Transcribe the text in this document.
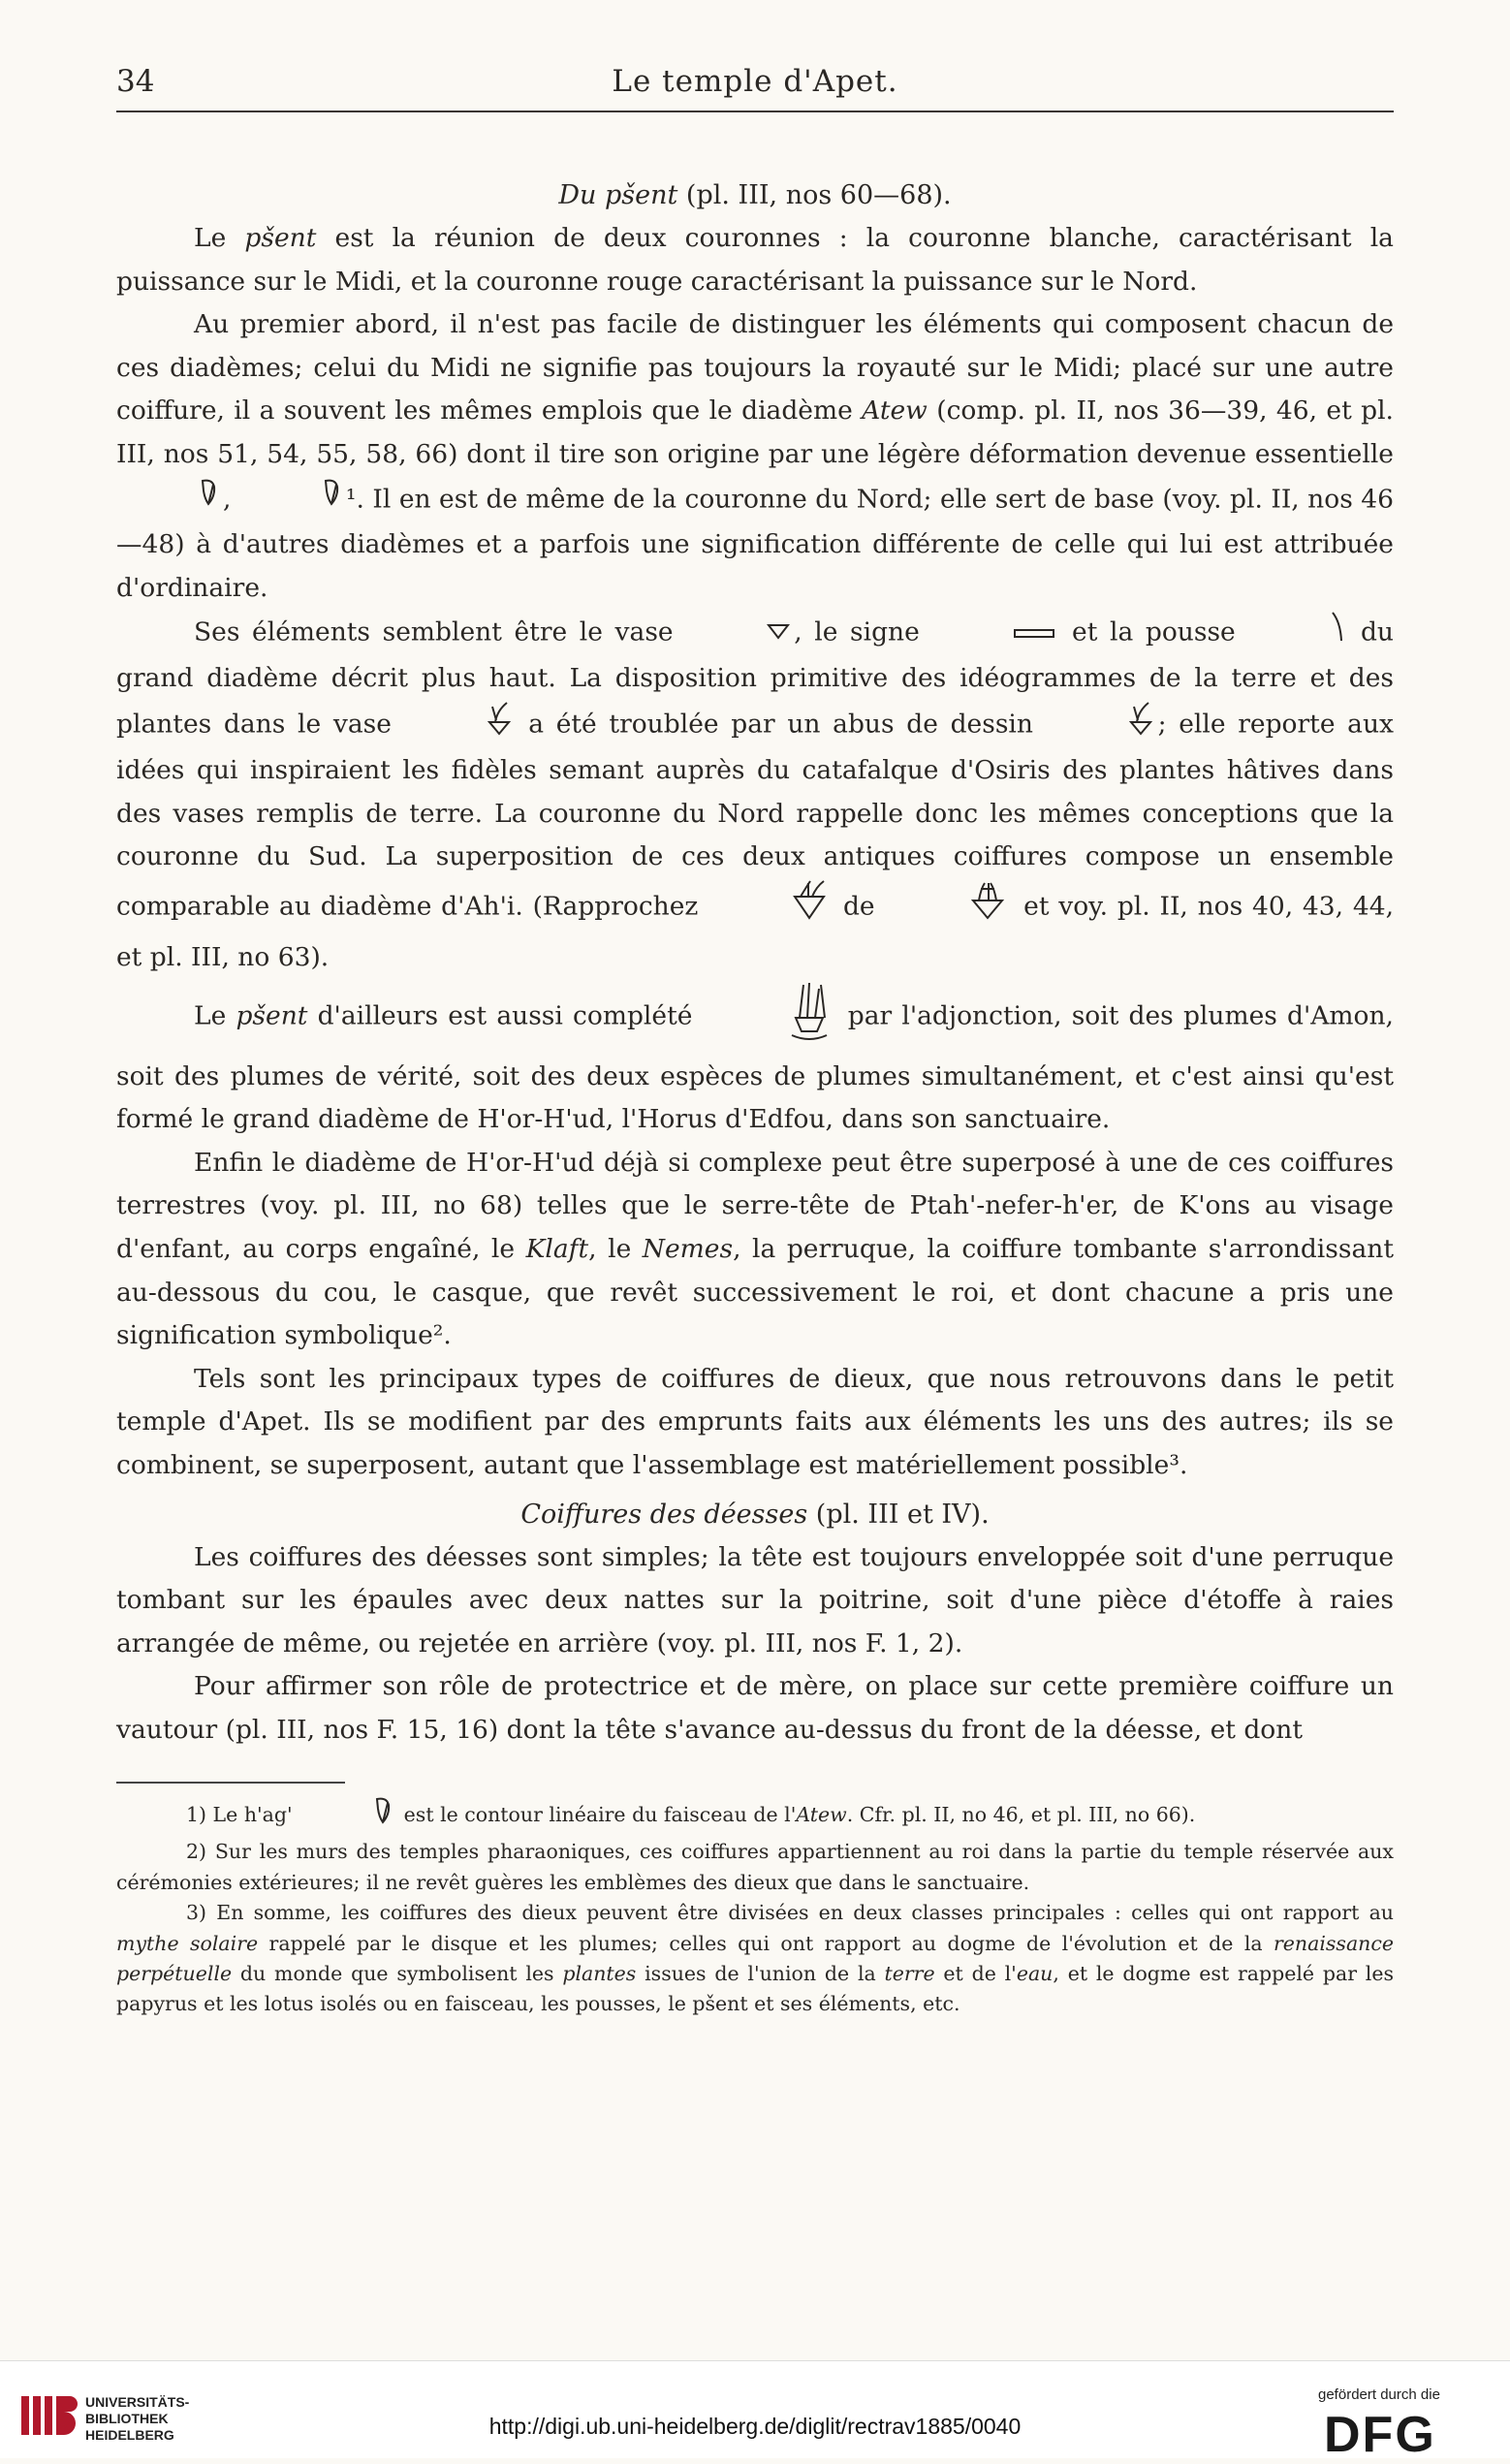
34	Le temple d'Apet.

Du pšent (pl. III, nos 60—68).

Le pšent est la réunion de deux couronnes : la couronne blanche, caractérisant la puissance sur le Midi, et la couronne rouge caractérisant la puissance sur le Nord.

Au premier abord, il n'est pas facile de distinguer les éléments qui composent chacun de ces diadèmes; celui du Midi ne signifie pas toujours la royauté sur le Midi; placé sur une autre coiffure, il a souvent les mêmes emplois que le diadème Atew (comp. pl. II, nos 36—39, 46, et pl. III, nos 51, 54, 55, 58, 66) dont il tire son origine par une légère déformation devenue essentielle ,	¹. Il en est de même de la couronne du Nord; elle sert de base (voy. pl. II, nos 46—48) à d'autres diadèmes et a parfois une signification différente de celle qui lui est attribuée d'ordinaire.

Ses éléments semblent être le vase	, le signe	et la pousse	du grand diadème décrit plus haut. La disposition primitive des idéogrammes de la terre et des plantes dans le vase	a été troublée par un abus de dessin	; elle reporte aux idées qui inspiraient les fidèles semant auprès du catafalque d'Osiris des plantes hâtives dans des vases remplis de terre. La couronne du Nord rappelle donc les mêmes conceptions que la couronne du Sud. La superposition de ces deux antiques coiffures compose un ensemble comparable au diadème d'Ah'i. (Rapprochez	de	et voy. pl. II, nos 40, 43, 44, et pl. III, no 63).

Le pšent d'ailleurs est aussi complété	par l'adjonction, soit des plumes d'Amon, soit des plumes de vérité, soit des deux espèces de plumes simultanément, et c'est ainsi qu'est formé le grand diadème de H'or-H'ud, l'Horus d'Edfou, dans son sanctuaire.

Enfin le diadème de H'or-H'ud déjà si complexe peut être superposé à une de ces coiffures terrestres (voy. pl. III, no 68) telles que le serre-tête de Ptah'-nefer-h'er, de K'ons au visage d'enfant, au corps engaîné, le Klaft, le Nemes, la perruque, la coiffure tombante s'arrondissant au-dessous du cou, le casque, que revêt successivement le roi, et dont chacune a pris une signification symbolique².

Tels sont les principaux types de coiffures de dieux, que nous retrouvons dans le petit temple d'Apet. Ils se modifient par des emprunts faits aux éléments les uns des autres; ils se combinent, se superposent, autant que l'assemblage est matériellement possible³.

Coiffures des déesses (pl. III et IV).

Les coiffures des déesses sont simples; la tête est toujours enveloppée soit d'une perruque tombant sur les épaules avec deux nattes sur la poitrine, soit d'une pièce d'étoffe à raies arrangée de même, ou rejetée en arrière (voy. pl. III, nos F. 1, 2).

Pour affirmer son rôle de protectrice et de mère, on place sur cette première coiffure un vautour (pl. III, nos F. 15, 16) dont la tête s'avance au-dessus du front de la déesse, et dont

1) Le h'ag'	est le contour linéaire du faisceau de l'Atew. Cfr. pl. II, no 46, et pl. III, no 66).

2) Sur les murs des temples pharaoniques, ces coiffures appartiennent au roi dans la partie du temple réservée aux cérémonies extérieures; il ne revêt guères les emblèmes des dieux que dans le sanctuaire.

3) En somme, les coiffures des dieux peuvent être divisées en deux classes principales : celles qui ont rapport au mythe solaire rappelé par le disque et les plumes; celles qui ont rapport au dogme de l'évolution et de la renaissance perpétuelle du monde que symbolisent les plantes issues de l'union de la terre et de l'eau, et le dogme est rappelé par les papyrus et les lotus isolés ou en faisceau, les pousses, le pšent et ses éléments, etc.

UNIVERSITÄTS-
BIBLIOTHEK
HEIDELBERG	http://digi.ub.uni-heidelberg.de/diglit/rectrav1885/0040
gefördert durch die
DFG
